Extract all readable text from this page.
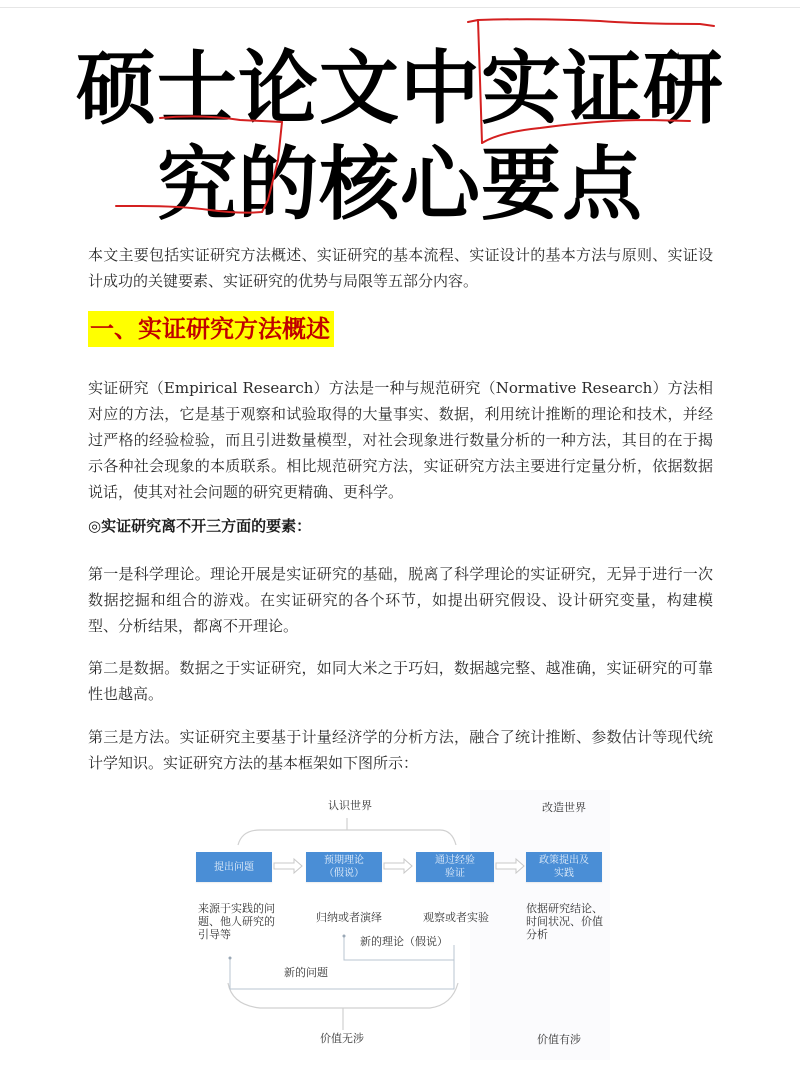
硕士论文中实证研
究的核心要点
本文主要包括实证研究方法概述、实证研究的基本流程、实证设计的基本方法与原则、实证设计成功的关键要素、实证研究的优势与局限等五部分内容。
一、实证研究方法概述
实证研究（Empirical Research）方法是一种与规范研究（Normative Research）方法相对应的方法，它是基于观察和试验取得的大量事实、数据，利用统计推断的理论和技术，并经过严格的经验检验，而且引进数量模型，对社会现象进行数量分析的一种方法，其目的在于揭示各种社会现象的本质联系。相比规范研究方法，实证研究方法主要进行定量分析，依据数据说话，使其对社会问题的研究更精确、更科学。
◎实证研究离不开三方面的要素：
第一是科学理论。理论开展是实证研究的基础，脱离了科学理论的实证研究，无异于进行一次数据挖掘和组合的游戏。在实证研究的各个环节，如提出研究假设、设计研究变量，构建模型、分析结果，都离不开理论。
第二是数据。数据之于实证研究，如同大米之于巧妇，数据越完整、越准确，实证研究的可靠性也越高。
第三是方法。实证研究主要基于计量经济学的分析方法，融合了统计推断、参数估计等现代统计学知识。实证研究方法的基本框架如下图所示：
认识世界	改造世界
提出问题
预期理论
（假说）
通过经验
验证
政策提出及
实践
来源于实践的问
题、他人研究的
引导等
归纳或者演绎	观察或者实验
依据研究结论、
时间状况、价值
分析
新的理论（假说）
新的问题
价值无涉	价值有涉
